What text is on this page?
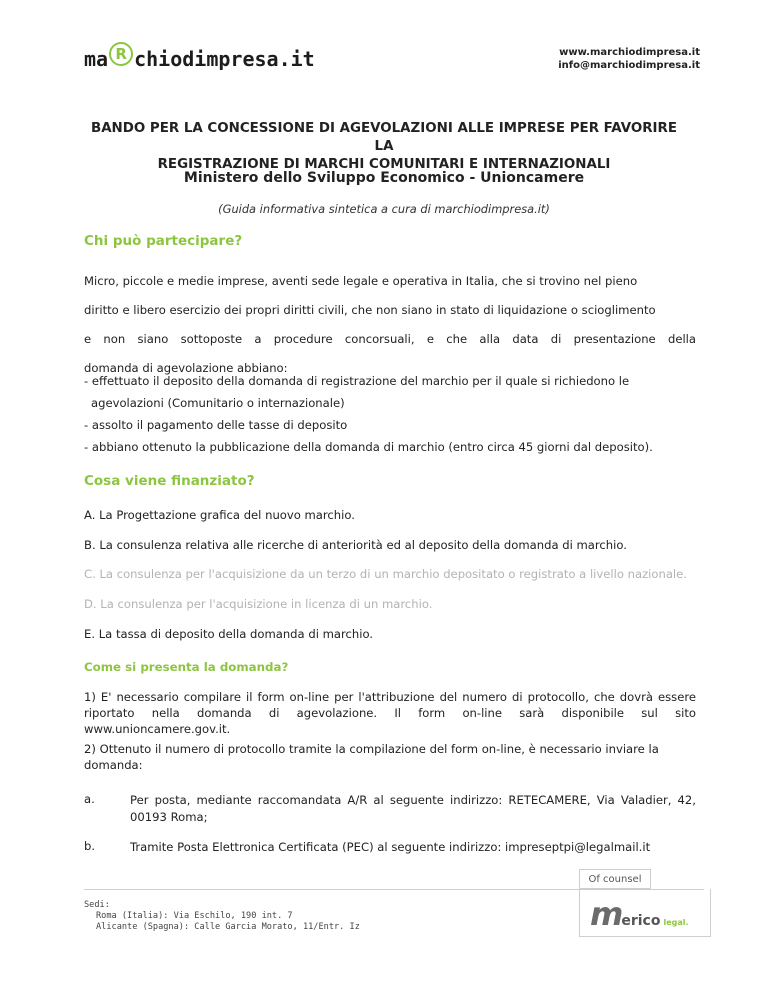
ma R chiodimpresa.it	www.marchiodimpresa.it
info@marchiodimpresa.it
BANDO PER LA CONCESSIONE DI AGEVOLAZIONI ALLE IMPRESE PER FAVORIRE LA
REGISTRAZIONE DI MARCHI COMUNITARI E INTERNAZIONALI
Ministero dello Sviluppo Economico - Unioncamere
(Guida informativa sintetica a cura di marchiodimpresa.it)
Chi può partecipare?
Micro, piccole e medie imprese, aventi sede legale e operativa in Italia, che si trovino nel pieno
diritto e libero esercizio dei propri diritti civili, che non siano in stato di liquidazione o scioglimento
e non siano sottoposte a procedure concorsuali, e che alla data di presentazione della
domanda di agevolazione abbiano:
- effettuato il deposito della domanda di registrazione del marchio per il quale si richiedono le
agevolazioni (Comunitario o internazionale)
- assolto il pagamento delle tasse di deposito
- abbiano ottenuto la pubblicazione della domanda di marchio (entro circa 45 giorni dal deposito).
Cosa viene finanziato?
A. La Progettazione grafica del nuovo marchio.
B. La consulenza relativa alle ricerche di anteriorità ed al deposito della domanda di marchio.
C. La consulenza per l'acquisizione da un terzo di un marchio depositato o registrato a livello nazionale.
D. La consulenza per l'acquisizione in licenza di un marchio.
E. La tassa di deposito della domanda di marchio.
Come si presenta la domanda?
1) E' necessario compilare il form on-line per l'attribuzione del numero di protocollo, che dovrà essere riportato nella domanda di agevolazione. Il form on-line sarà disponibile sul sito www.unioncamere.gov.it.
2) Ottenuto il numero di protocollo tramite la compilazione del form on-line, è necessario inviare la domanda:
a.	Per posta, mediante raccomandata A/R al seguente indirizzo: RETECAMERE, Via Valadier, 42, 00193 Roma;
b.	Tramite Posta Elettronica Certificata (PEC) al seguente indirizzo: impreseptpi@legalmail.it
Of counsel
merico legal.
Sedi:
Roma (Italia): Via Eschilo, 190 int. 7
Alicante (Spagna): Calle Garcia Morato, 11/Entr. Iz
